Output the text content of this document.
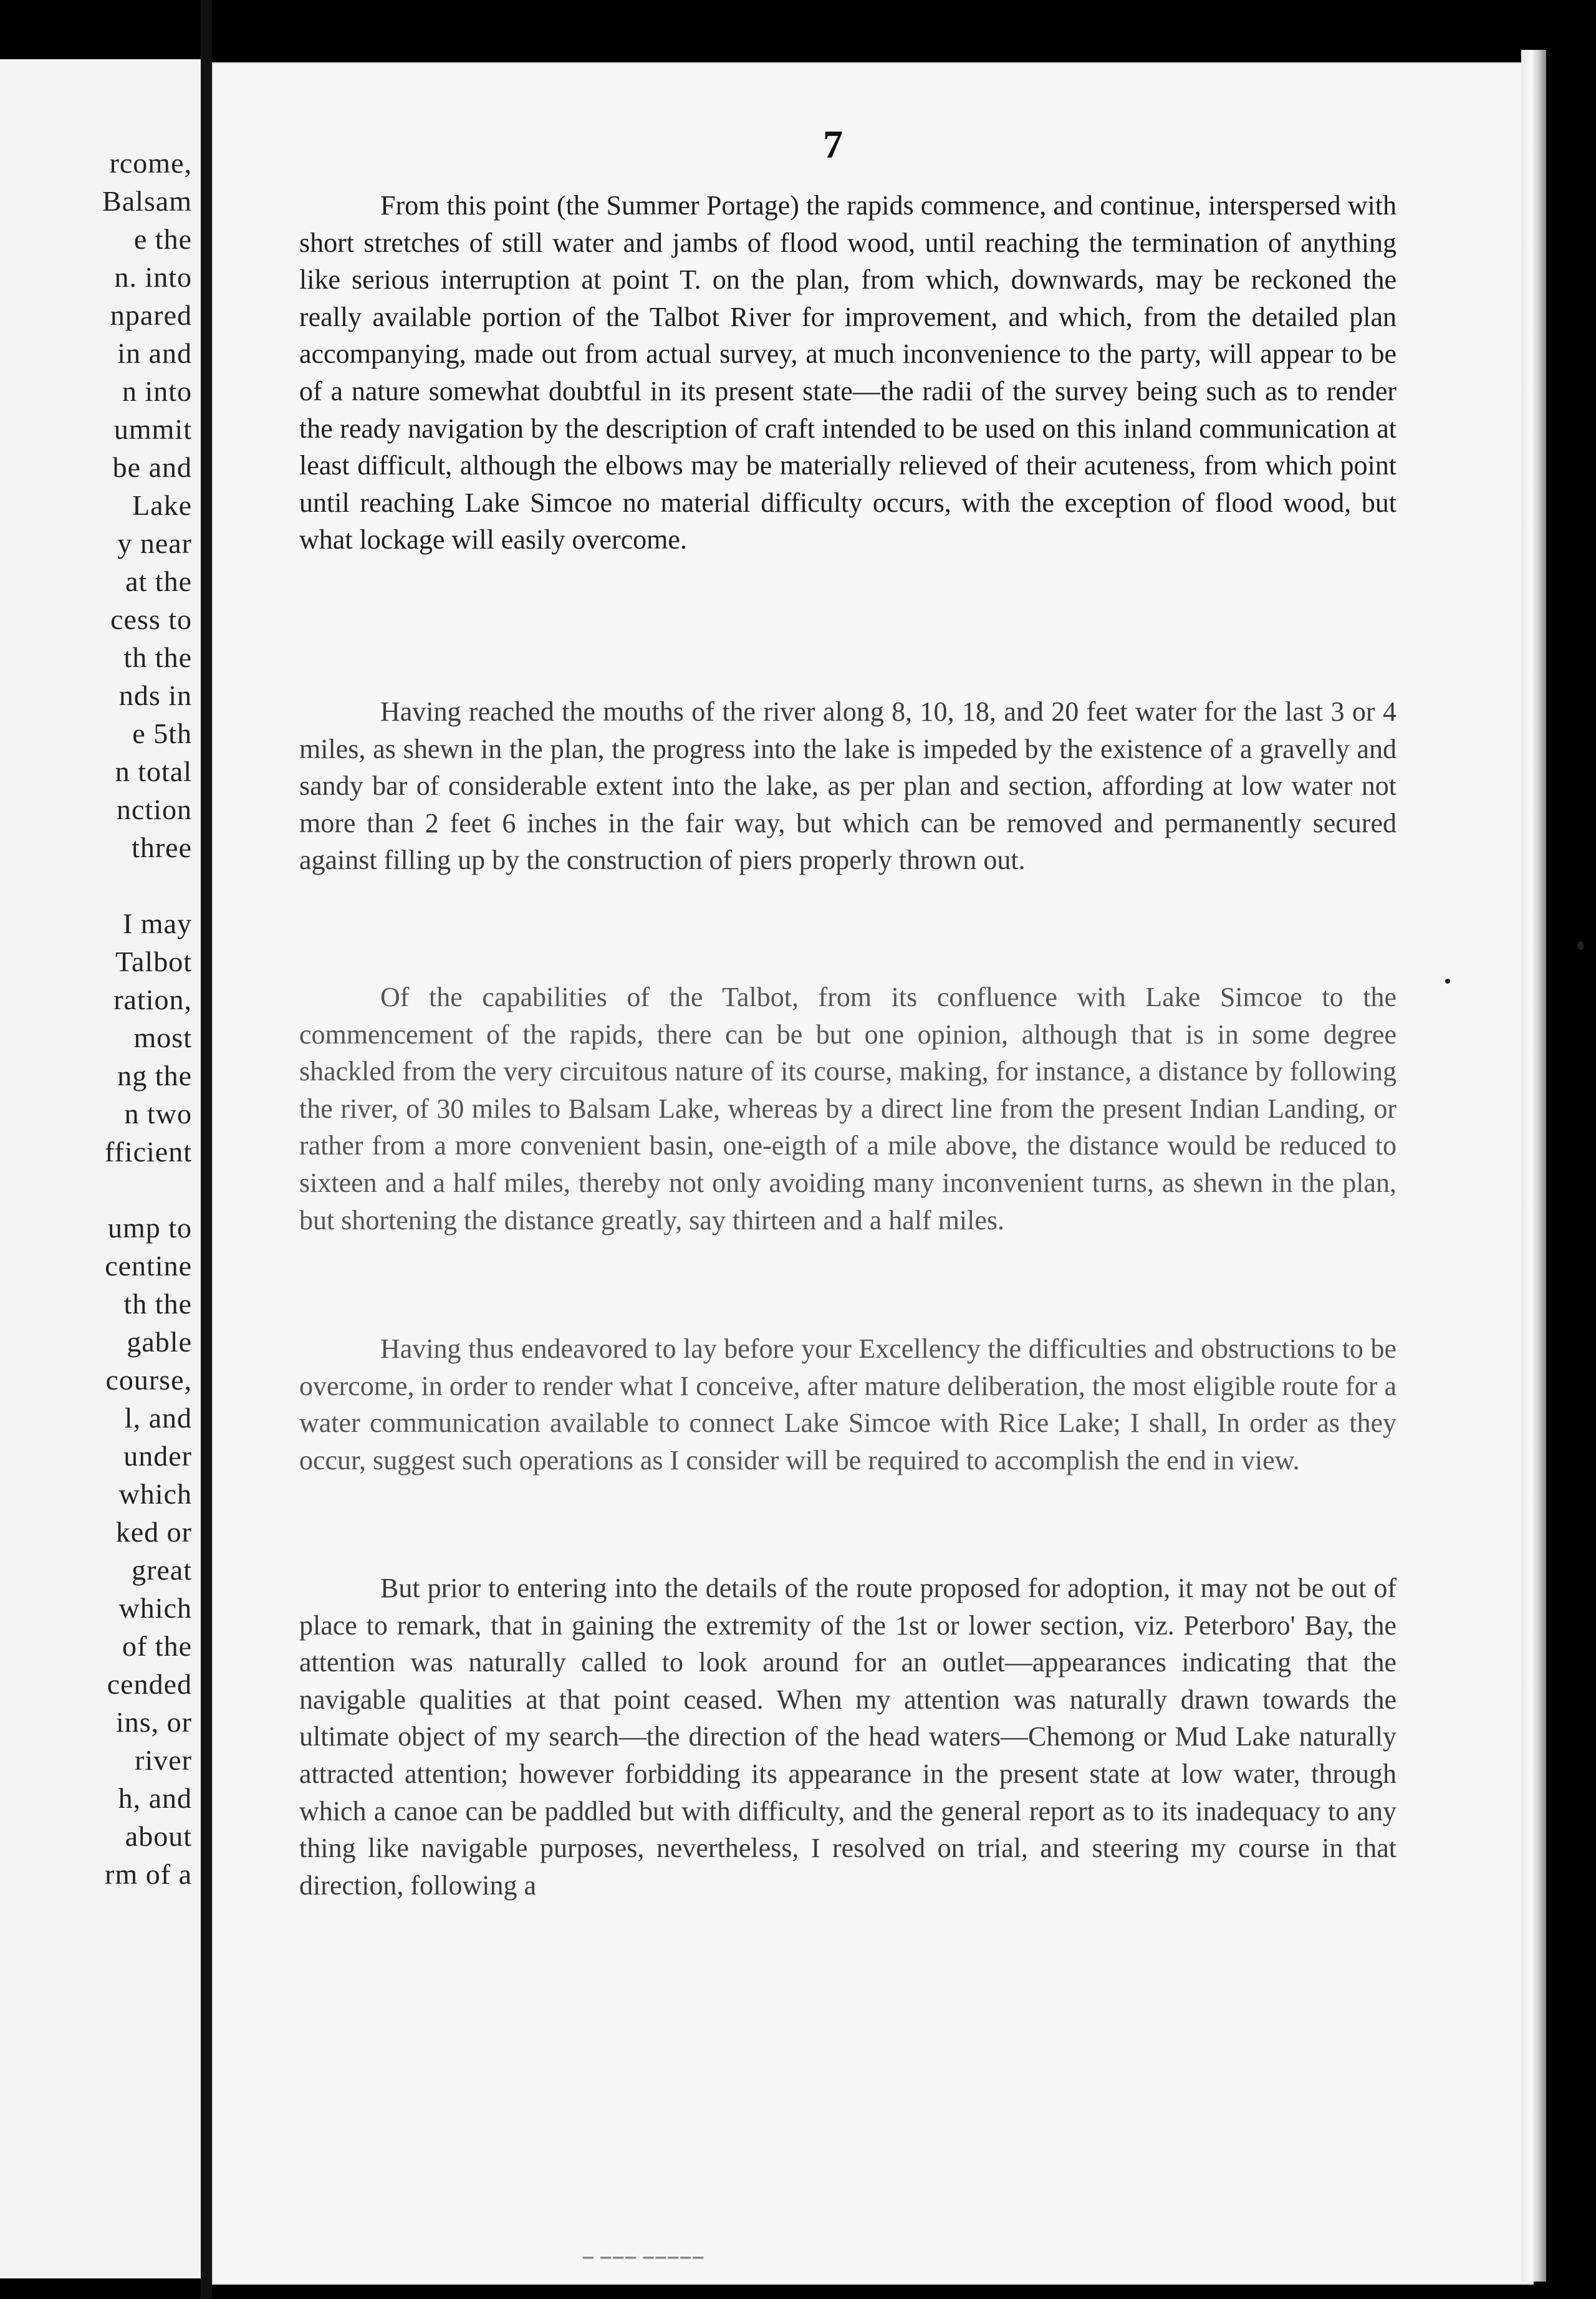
rcome,
Balsam
e the
n. into
npared
in and
n into
ummit
be and
Lake
y near
at the
cess to
th the
nds in
e 5th
n total
nction
three
I may
Talbot
ration,
most
ng the
n two
fficient
ump to
centine
th the
gable
course,
l, and
under
which
ked or
great
which
of the
cended
ins, or
river
h, and
about
rm of a
7

From this point (the Summer Portage) the rapids commence, and continue, interspersed with short stretches of still water and jambs of flood wood, until reaching the termination of anything like serious interruption at point T. on the plan, from which, downwards, may be reckoned the really available portion of the Talbot River for improvement, and which, from the detailed plan accompanying, made out from actual survey, at much inconvenience to the party, will appear to be of a nature somewhat doubtful in its present state—the radii of the survey being such as to render the ready navigation by the description of craft intended to be used on this inland communication at least difficult, although the elbows may be materially relieved of their acuteness, from which point until reaching Lake Simcoe no material difficulty occurs, with the exception of flood wood, but what lockage will easily overcome.

Having reached the mouths of the river along 8, 10, 18, and 20 feet water for the last 3 or 4 miles, as shewn in the plan, the progress into the lake is impeded by the existence of a gravelly and sandy bar of considerable extent into the lake, as per plan and section, affording at low water not more than 2 feet 6 inches in the fair way, but which can be removed and permanently secured against filling up by the construction of piers properly thrown out.

Of the capabilities of the Talbot, from its confluence with Lake Simcoe to the commencement of the rapids, there can be but one opinion, although that is in some degree shackled from the very circuitous nature of its course, making, for instance, a distance by following the river, of 30 miles to Balsam Lake, whereas by a direct line from the present Indian Landing, or rather from a more convenient basin, one-eigth of a mile above, the distance would be reduced to sixteen and a half miles, thereby not only avoiding many inconvenient turns, as shewn in the plan, but shortening the distance greatly, say thirteen and a half miles.

Having thus endeavored to lay before your Excellency the difficulties and obstructions to be overcome, in order to render what I conceive, after mature deliberation, the most eligible route for a water communication available to connect Lake Simcoe with Rice Lake; I shall, In order as they occur, suggest such operations as I consider will be required to accomplish the end in view.

But prior to entering into the details of the route proposed for adoption, it may not be out of place to remark, that in gaining the extremity of the 1st or lower section, viz. Peterboro' Bay, the attention was naturally called to look around for an outlet—appearances indicating that the navigable qualities at that point ceased. When my attention was naturally drawn towards the ultimate object of my search—the direction of the head waters—Chemong or Mud Lake naturally attracted attention; however forbidding its appearance in the present state at low water, through which a canoe can be paddled but with difficulty, and the general report as to its inadequacy to any thing like navigable purposes, nevertheless, I resolved on trial, and steering my course in that direction, following a

▁ ▁▁▁ ▁▁▁▁▁
